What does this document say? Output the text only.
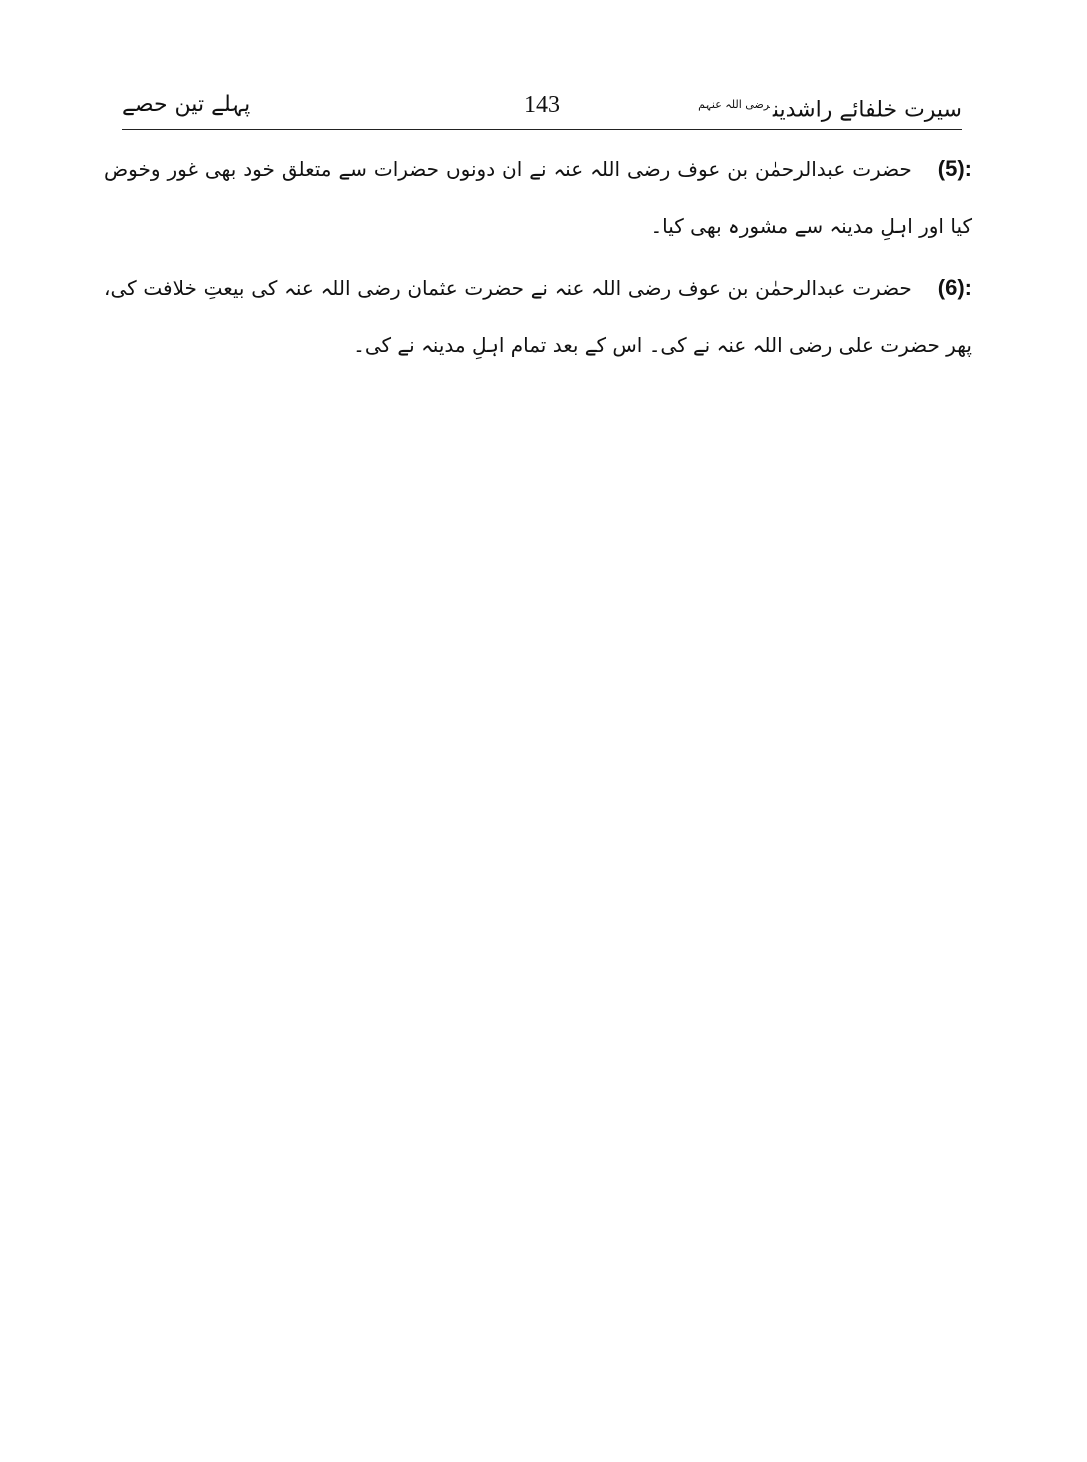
سیرت خلفائے راشدین$^{رضی اللہ عنہم}$
143
پہلے تین حصے

(5):حضرت عبدالرحمٰن بن عوف رضی اللہ عنہ نے ان دونوں حضرات سے متعلق خود بھی غور وخوض کیا اور اہلِ مدینہ سے مشورہ بھی کیا۔

(6):حضرت عبدالرحمٰن بن عوف رضی اللہ عنہ نے حضرت عثمان رضی اللہ عنہ کی بیعتِ خلافت کی، پھر حضرت علی رضی اللہ عنہ نے کی۔ اس کے بعد تمام اہلِ مدینہ نے کی۔
